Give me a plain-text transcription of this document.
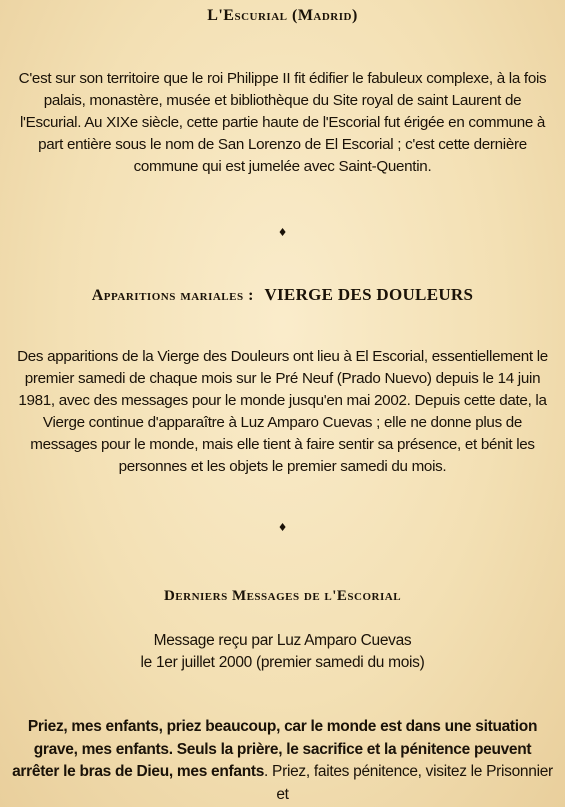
L'Escurial (Madrid)
C'est sur son territoire que le roi Philippe II fit édifier le fabuleux complexe, à la fois
palais, monastère, musée et bibliothèque du Site royal de saint Laurent de
l'Escurial. Au XIXe siècle, cette partie haute de l'Escorial fut érigée en commune à
part entière sous le nom de San Lorenzo de El Escorial ; c'est cette dernière
commune qui est jumelée avec Saint-Quentin.
♦
Apparitions mariales : VIERGE DES DOULEURS
Des apparitions de la Vierge des Douleurs ont lieu à El Escorial, essentiellement le
premier samedi de chaque mois sur le Pré Neuf (Prado Nuevo) depuis le 14 juin
1981, avec des messages pour le monde jusqu'en mai 2002. Depuis cette date, la
Vierge continue d'apparaître à Luz Amparo Cuevas ; elle ne donne plus de
messages pour le monde, mais elle tient à faire sentir sa présence, et bénit les
personnes et les objets le premier samedi du mois.
♦
Derniers Messages de l'Escorial
Message reçu par Luz Amparo Cuevas
le 1er juillet 2000 (premier samedi du mois)
Priez, mes enfants, priez beaucoup, car le monde est dans une situation
grave, mes enfants. Seuls la prière, le sacrifice et la pénitence peuvent
arrêter le bras de Dieu, mes enfants. Priez, faites pénitence, visitez le Prisonnier
et
